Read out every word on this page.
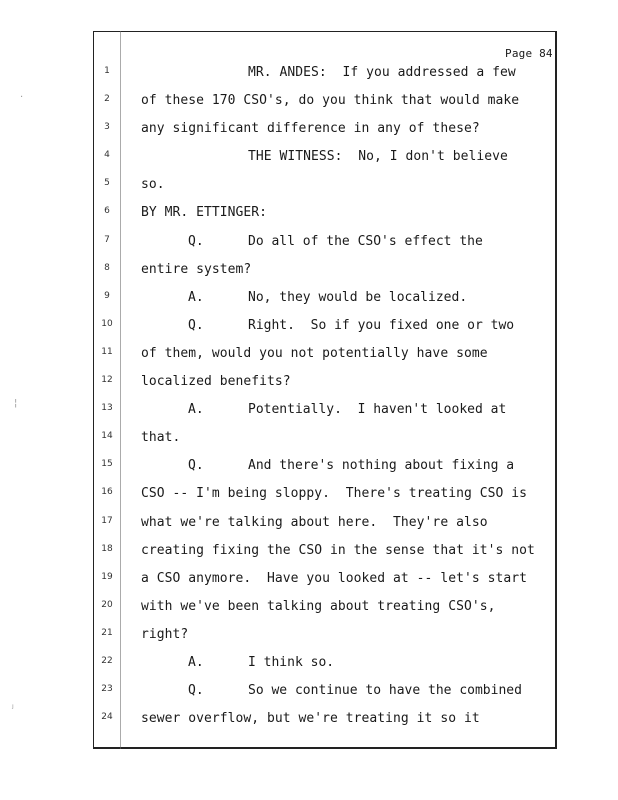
Page 84
1	MR. ANDES:  If you addressed a few
2	of these 170 CSO's, do you think that would make
3	any significant difference in any of these?
4	THE WITNESS:  No, I don't believe
5	so.
6	BY MR. ETTINGER:
7	Q.	Do all of the CSO's effect the
8	entire system?
9	A.	No, they would be localized.
10	Q.	Right.  So if you fixed one or two
11	of them, would you not potentially have some
12	localized benefits?
13	A.	Potentially.  I haven't looked at
14	that.
15	Q.	And there's nothing about fixing a
16	CSO -- I'm being sloppy.  There's treating CSO is
17	what we're talking about here.  They're also
18	creating fixing the CSO in the sense that it's not
19	a CSO anymore.  Have you looked at -- let's start
20	with we've been talking about treating CSO's,
21	right?
22	A.	I think so.
23	Q.	So we continue to have the combined
24	sewer overflow, but we're treating it so it
·
¦
ⱼ
